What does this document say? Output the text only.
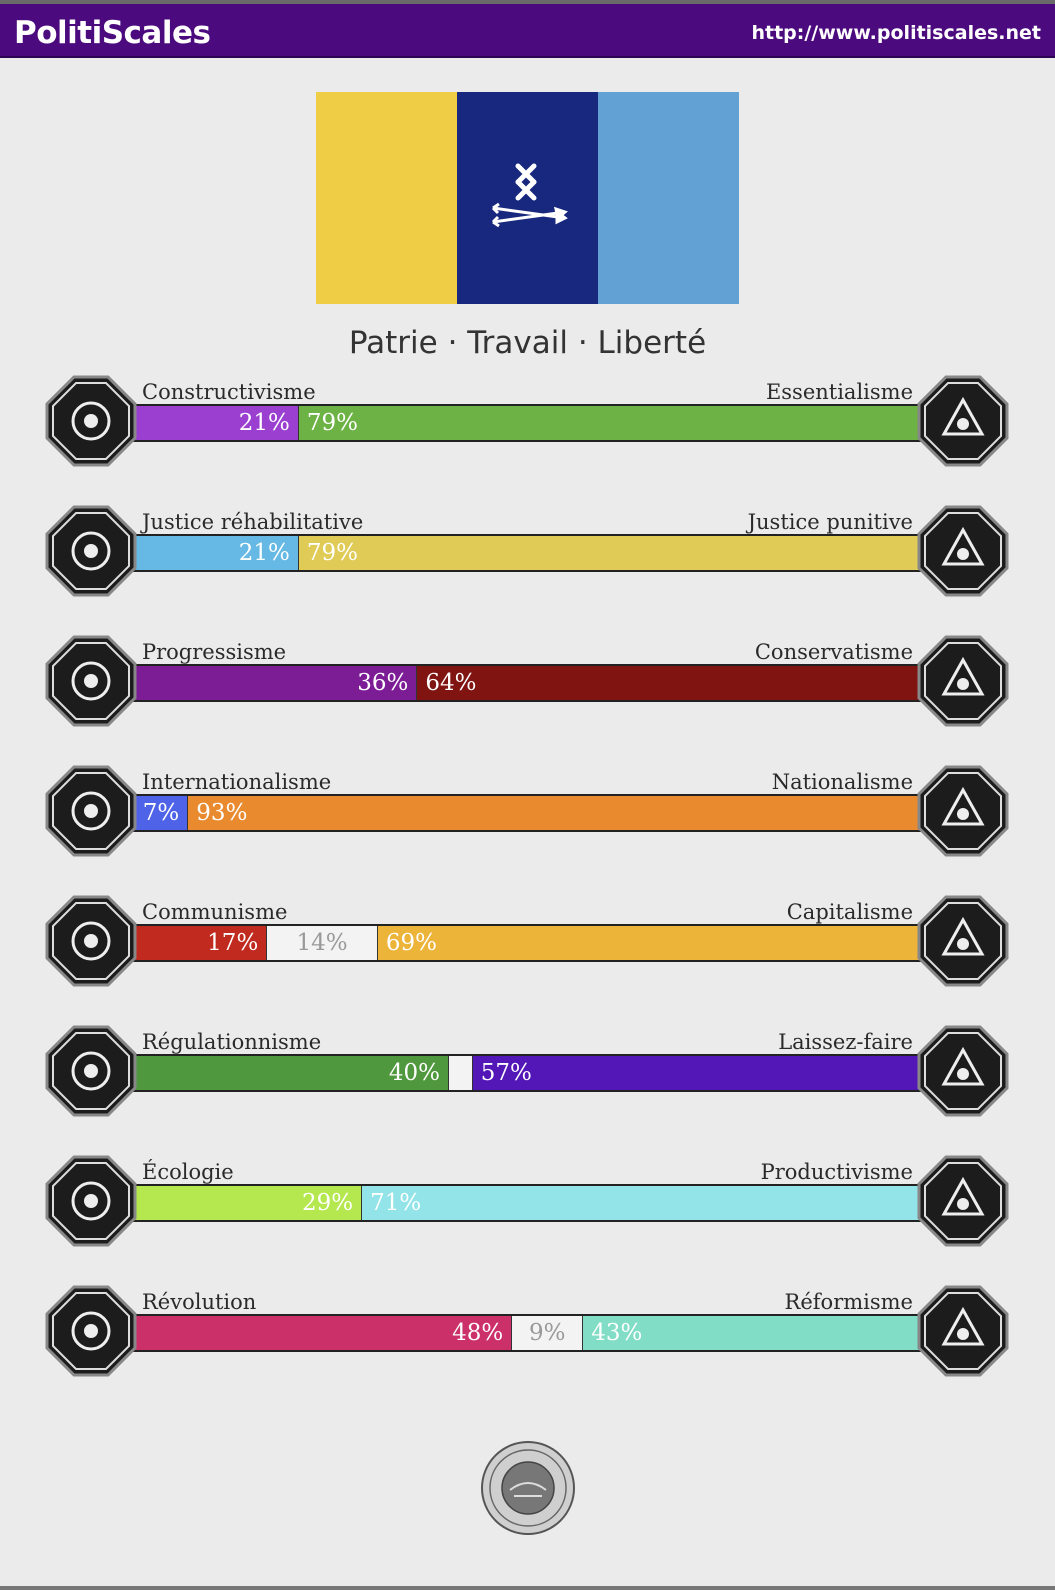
PolitiScales	http://www.politiscales.net
Patrie · Travail · Liberté
Constructivisme	Essentialisme
21% 79%
Justice réhabilitative	Justice punitive
21% 79%
Progressisme	Conservatisme
36% 64%
Internationalisme	Nationalisme
7% 93%
Communisme	Capitalisme
17%	14%	69%
Régulationnisme	Laissez-faire
40%	57%
Écologie	Productivisme
29% 71%
Révolution	Réformisme
48%	9%	43%
